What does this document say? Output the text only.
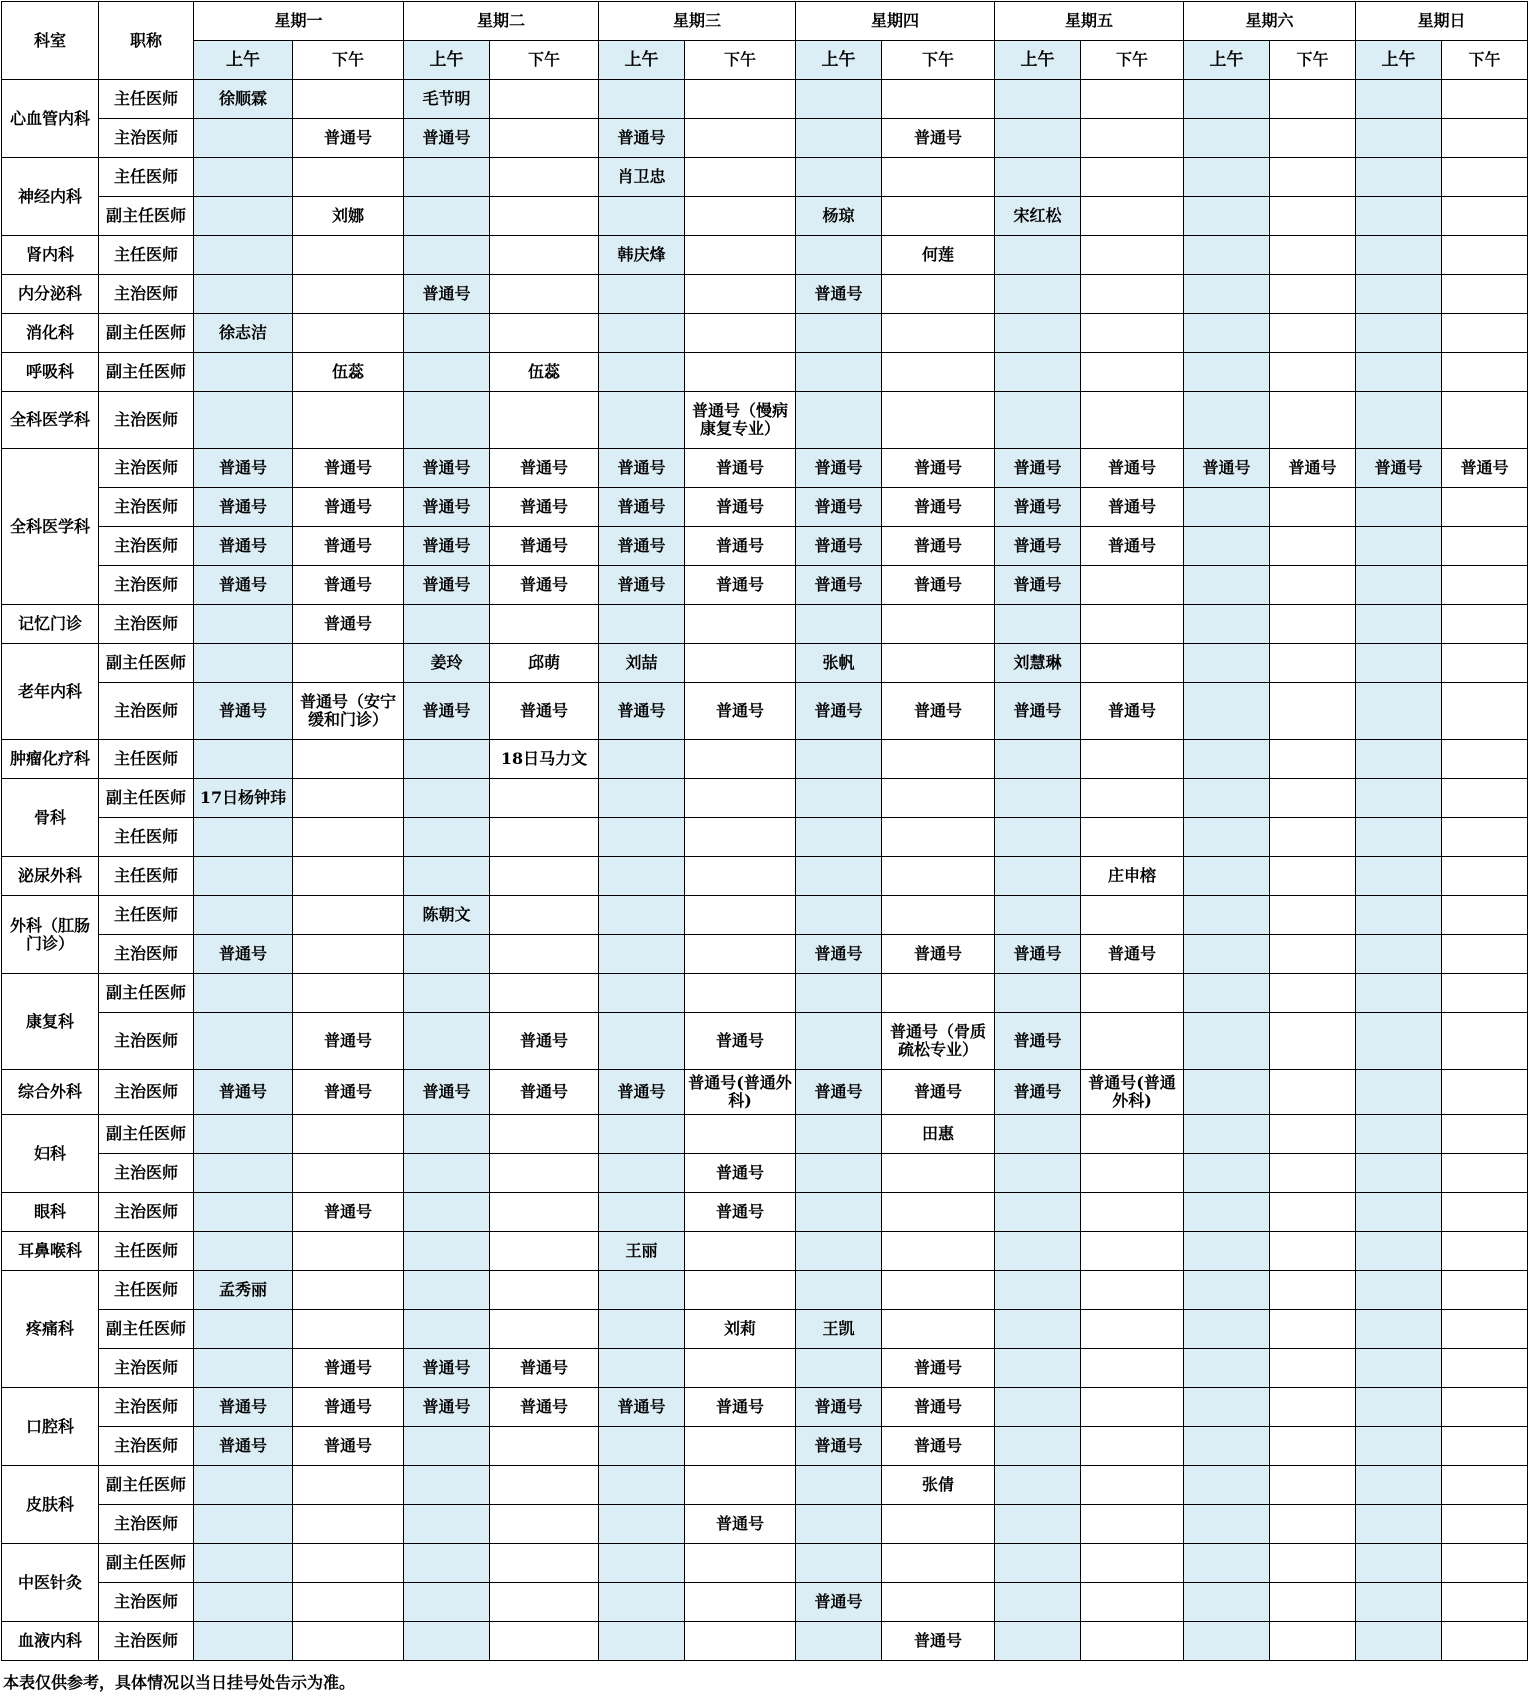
科室	职称	星期一		星期二		星期三		星期四		星期五		星期六		星期日	
		上午	下午	上午	下午	上午	下午	上午	下午	上午	下午	上午	下午	上午	下午
心血管内科	主任医师	徐顺霖		毛节明											
	主治医师		普通号	普通号		普通号			普通号						
神经内科	主任医师					肖卫忠									
	副主任医师		刘娜					杨琼		宋红松					
肾内科	主任医师					韩庆烽			何莲						
内分泌科	主治医师			普通号				普通号							
消化科	副主任医师	徐志洁													
呼吸科	副主任医师		伍蕊		伍蕊										
全科医学科	主治医师						普通号（慢病康复专业）								
全科医学科	主治医师	普通号	普通号	普通号	普通号	普通号	普通号	普通号	普通号	普通号	普通号	普通号	普通号	普通号	普通号
	主治医师	普通号	普通号	普通号	普通号	普通号	普通号	普通号	普通号	普通号	普通号				
	主治医师	普通号	普通号	普通号	普通号	普通号	普通号	普通号	普通号	普通号	普通号				
	主治医师	普通号	普通号	普通号	普通号	普通号	普通号	普通号	普通号	普通号					
记忆门诊	主治医师		普通号												
老年内科	副主任医师			姜玲	邱萌	刘喆		张帆		刘慧琳					
	主治医师	普通号	普通号（安宁缓和门诊）	普通号	普通号	普通号	普通号	普通号	普通号	普通号	普通号				
肿瘤化疗科	主任医师				18日马力文										
骨科	副主任医师	17日杨钟玮													
	主任医师														
泌尿外科	主任医师										庄申榕				
外科（肛肠门诊）	主任医师			陈朝文											
	主治医师	普通号						普通号	普通号	普通号	普通号				
康复科	副主任医师														
	主治医师		普通号		普通号		普通号		普通号（骨质疏松专业）	普通号					
综合外科	主治医师	普通号	普通号	普通号	普通号	普通号	普通号(普通外科)	普通号	普通号	普通号	普通号(普通外科)				
妇科	副主任医师								田惠						
	主治医师						普通号								
眼科	主治医师		普通号				普通号								
耳鼻喉科	主任医师					王丽									
疼痛科	主任医师	孟秀丽													
	副主任医师						刘莉	王凯							
	主治医师		普通号	普通号	普通号				普通号						
口腔科	主治医师	普通号	普通号	普通号	普通号	普通号	普通号	普通号	普通号						
	主治医师	普通号	普通号					普通号	普通号						
皮肤科	副主任医师								张倩						
	主治医师						普通号								
中医针灸	副主任医师														
	主治医师							普通号							
血液内科	主治医师								普通号						
本表仅供参考，具体情况以当日挂号处告示为准。
